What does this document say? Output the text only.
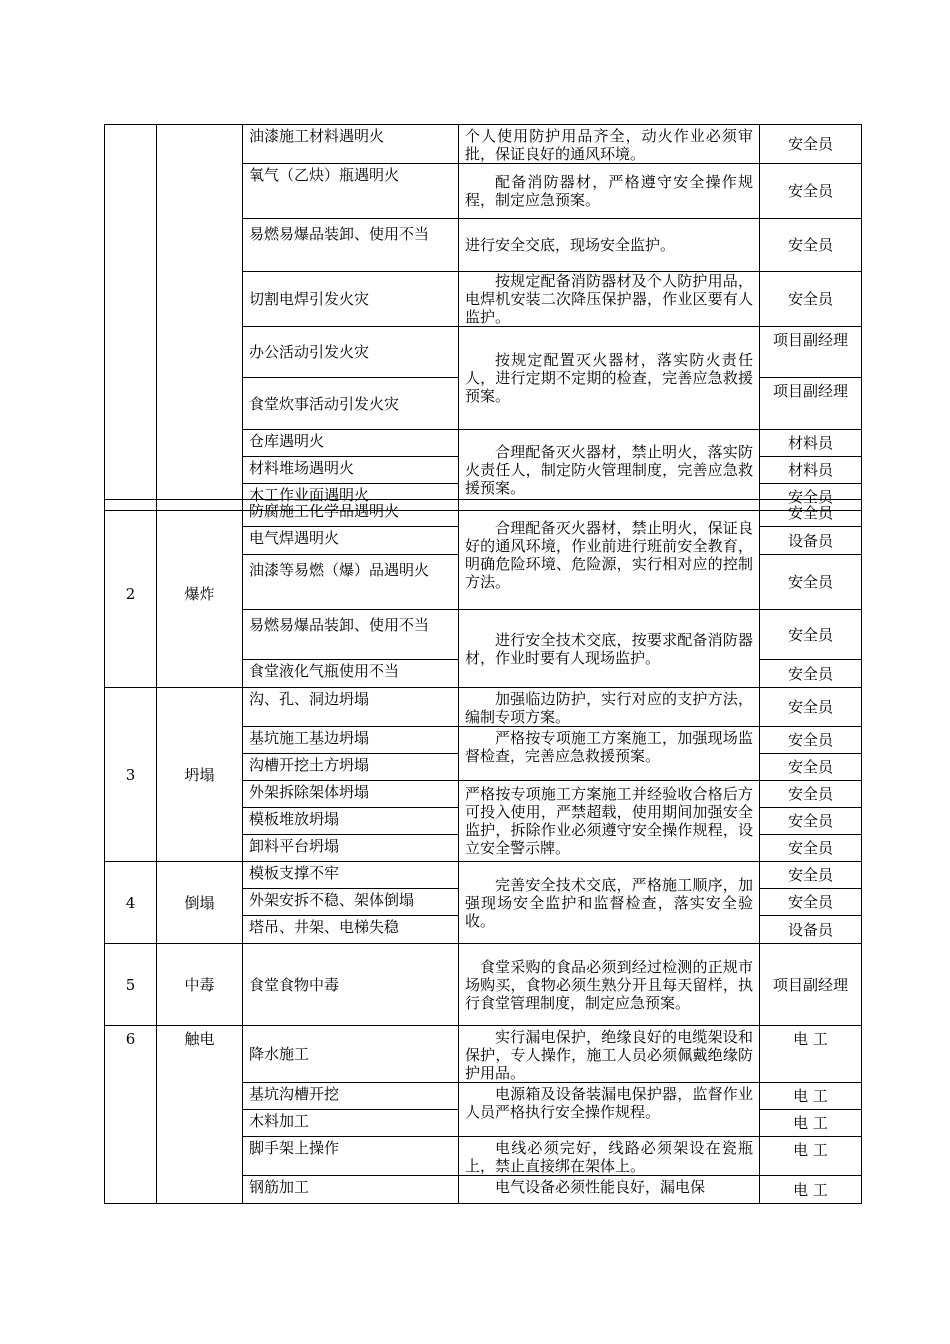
		油漆施工材料遇明火	个人使用防护用品齐全，动火作业必须审批，保证良好的通风环境。	安全员
		氧气（乙炔）瓶遇明火	配备消防器材，严格遵守安全操作规程，制定应急预案。	安全员
		易燃易爆品装卸、使用不当	进行安全交底，现场安全监护。	安全员
		切割电焊引发火灾	按规定配备消防器材及个人防护用品，电焊机安装二次降压保护器，作业区要有人监护。	安全员
		办公活动引发火灾	按规定配置灭火器材，落实防火责任人，进行定期不定期的检查，完善应急救援预案。	项目副经理
		食堂炊事活动引发火灾		项目副经理
		仓库遇明火	合理配备灭火器材，禁止明火，落实防火责任人，制定防火管理制度，完善应急救援预案。	材料员
		材料堆场遇明火		材料员
		木工作业面遇明火		安全员
2	爆炸	防腐施工化学品遇明火	合理配备灭火器材，禁止明火，保证良好的通风环境，作业前进行班前安全教育，明确危险环境、危险源，实行相对应的控制方法。	安全员
		电气焊遇明火		设备员
		油漆等易燃（爆）品遇明火		安全员
		易燃易爆品装卸、使用不当	进行安全技术交底，按要求配备消防器材，作业时要有人现场监护。	安全员
		食堂液化气瓶使用不当		安全员
3	坍塌	沟、孔、洞边坍塌	加强临边防护，实行对应的支护方法，编制专项方案。	安全员
		基坑施工基边坍塌	严格按专项施工方案施工，加强现场监督检查，完善应急救援预案。	安全员
		沟槽开挖土方坍塌		安全员
		外架拆除架体坍塌	严格按专项施工方案施工并经验收合格后方可投入使用，严禁超载，使用期间加强安全监护，拆除作业必须遵守安全操作规程，设立安全警示牌。	安全员
		模板堆放坍塌		安全员
		卸料平台坍塌		安全员
4	倒塌	模板支撑不牢	完善安全技术交底，严格施工顺序，加强现场安全监护和监督检查，落实安全验收。	安全员
		外架安拆不稳、架体倒塌		安全员
		塔吊、井架、电梯失稳		设备员
5	中毒	食堂食物中毒	食堂采购的食品必须到经过检测的正规市场购买，食物必须生熟分开且每天留样，执行食堂管理制度，制定应急预案。	项目副经理
6	触电	降水施工	实行漏电保护，绝缘良好的电缆架设和保护，专人操作，施工人员必须佩戴绝缘防护用品。	电 工
		基坑沟槽开挖	电源箱及设备装漏电保护器，监督作业人员严格执行安全操作规程。	电 工
		木料加工		电 工
		脚手架上操作	电线必须完好，线路必须架设在瓷瓶上，禁止直接绑在架体上。	电 工
		钢筋加工	电气设备必须性能良好，漏电保	电 工
